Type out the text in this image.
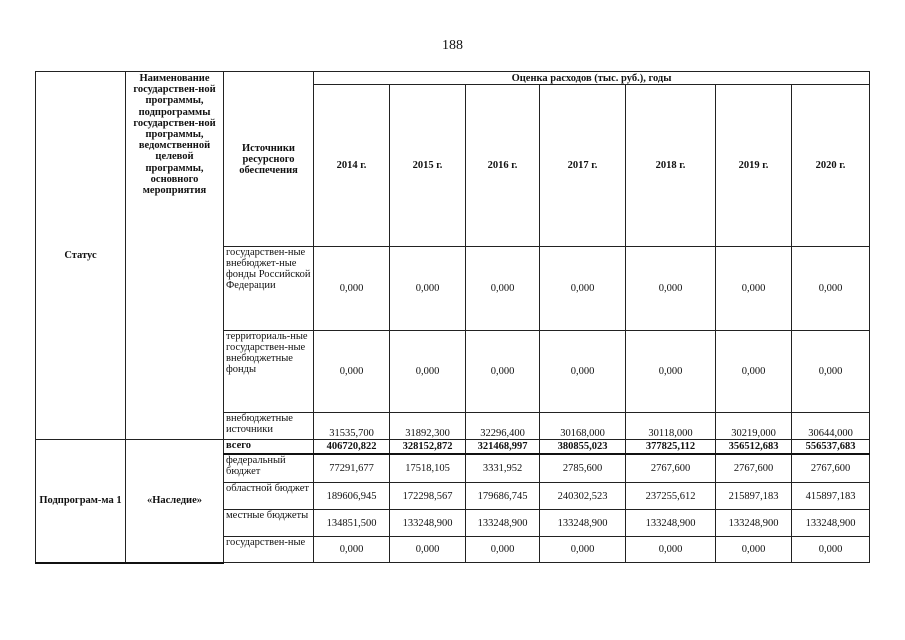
188
Статус	Наименование государствен-ной программы, подпрограммы государствен-ной программы, ведомственной целевой программы, основного мероприятия	Источники ресурсного обеспечения	Оценка расходов (тыс. руб.), годы						
			2014 г.	2015 г.	2016 г.	2017 г.	2018 г.	2019 г.	2020 г.
		государствен-ные внебюджет-ные фонды Российской Федерации	0,000	0,000	0,000	0,000	0,000	0,000	0,000
		территориаль-ные государствен-ные внебюджетные фонды	0,000	0,000	0,000	0,000	0,000	0,000	0,000
		внебюджетные источники	31535,700	31892,300	32296,400	30168,000	30118,000	30219,000	30644,000

Подпрограм-ма 1	«Наследие»	всего	406720,822	328152,872	321468,997	380855,023	377825,112	356512,683	556537,683
		федеральный бюджет	77291,677	17518,105	3331,952	2785,600	2767,600	2767,600	2767,600
		областной бюджет	189606,945	172298,567	179686,745	240302,523	237255,612	215897,183	415897,183
		местные бюджеты	134851,500	133248,900	133248,900	133248,900	133248,900	133248,900	133248,900
		государствен-ные	0,000	0,000	0,000	0,000	0,000	0,000	0,000
